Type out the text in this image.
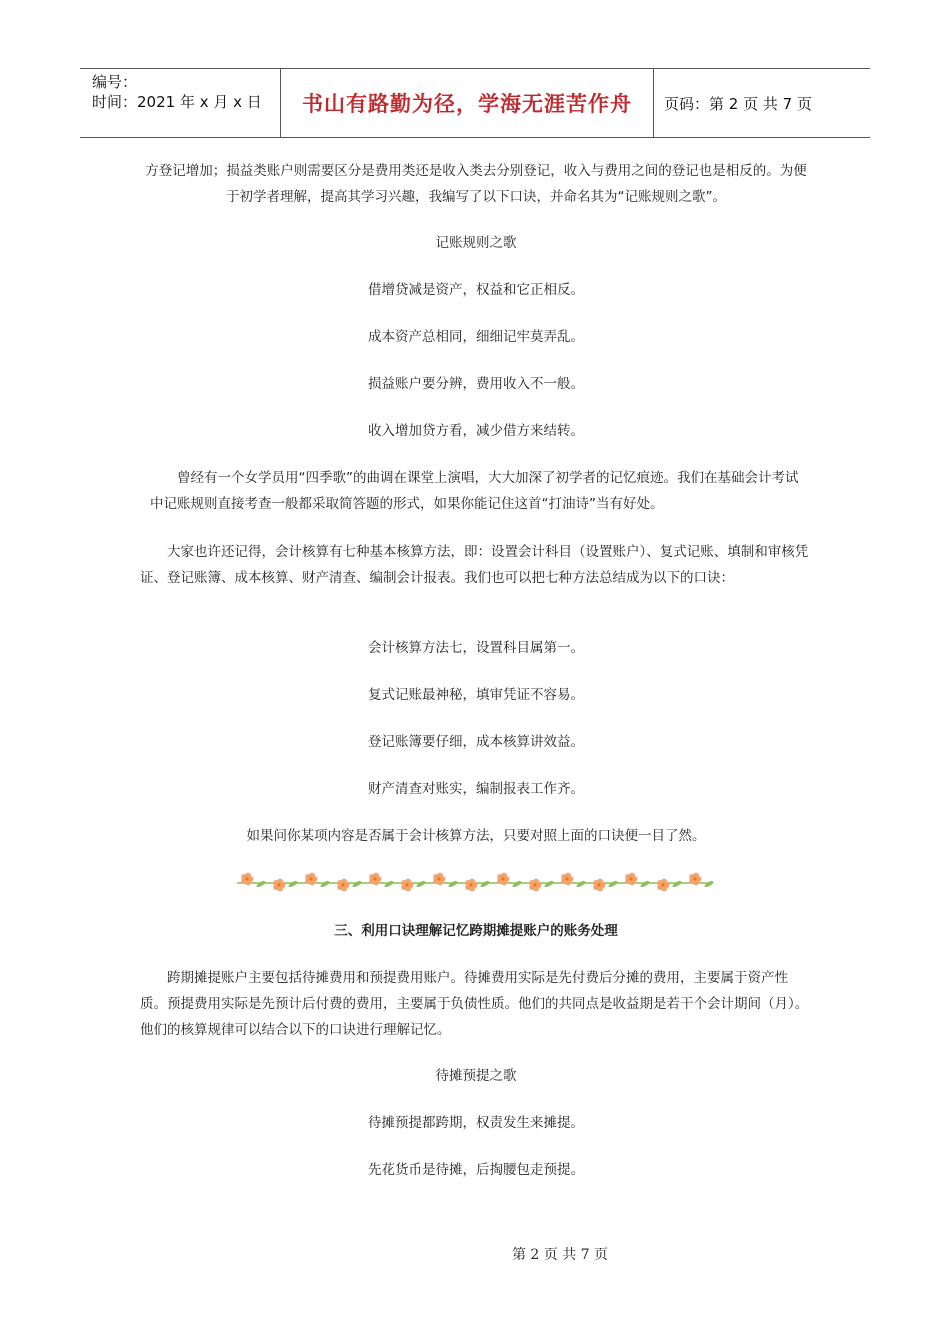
编号：
时间：2021 年 x 月 x 日 书山有路勤为径，学海无涯苦作舟 页码：第 2 页 共 7 页
方登记增加；损益类账户则需要区分是费用类还是收入类去分别登记，收入与费用之间的登记也是相反的。为便于初学者理解，提高其学习兴趣，我编写了以下口诀，并命名其为“记账规则之歌”。
记账规则之歌
借增贷减是资产，权益和它正相反。
成本资产总相同，细细记牢莫弄乱。
损益账户要分辨，费用收入不一般。
收入增加贷方看，减少借方来结转。
曾经有一个女学员用“四季歌”的曲调在课堂上演唱，大大加深了初学者的记忆痕迹。我们在基础会计考试中记账规则直接考查一般都采取简答题的形式，如果你能记住这首“打油诗”当有好处。
大家也许还记得，会计核算有七种基本核算方法，即：设置会计科目（设置账户）、复式记账、填制和审核凭证、登记账簿、成本核算、财产清查、编制会计报表。我们也可以把七种方法总结成为以下的口诀：
会计核算方法七，设置科目属第一。
复式记账最神秘，填审凭证不容易。
登记账簿要仔细，成本核算讲效益。
财产清查对账实，编制报表工作齐。
如果问你某项内容是否属于会计核算方法，只要对照上面的口诀便一目了然。
三、利用口诀理解记忆跨期摊提账户的账务处理
跨期摊提账户主要包括待摊费用和预提费用账户。待摊费用实际是先付费后分摊的费用，主要属于资产性质。预提费用实际是先预计后付费的费用，主要属于负债性质。他们的共同点是收益期是若干个会计期间（月）。他们的核算规律可以结合以下的口诀进行理解记忆。
待摊预提之歌
待摊预提都跨期，权责发生来摊提。
先花货币是待摊，后掏腰包走预提。
第 2 页 共 7 页
